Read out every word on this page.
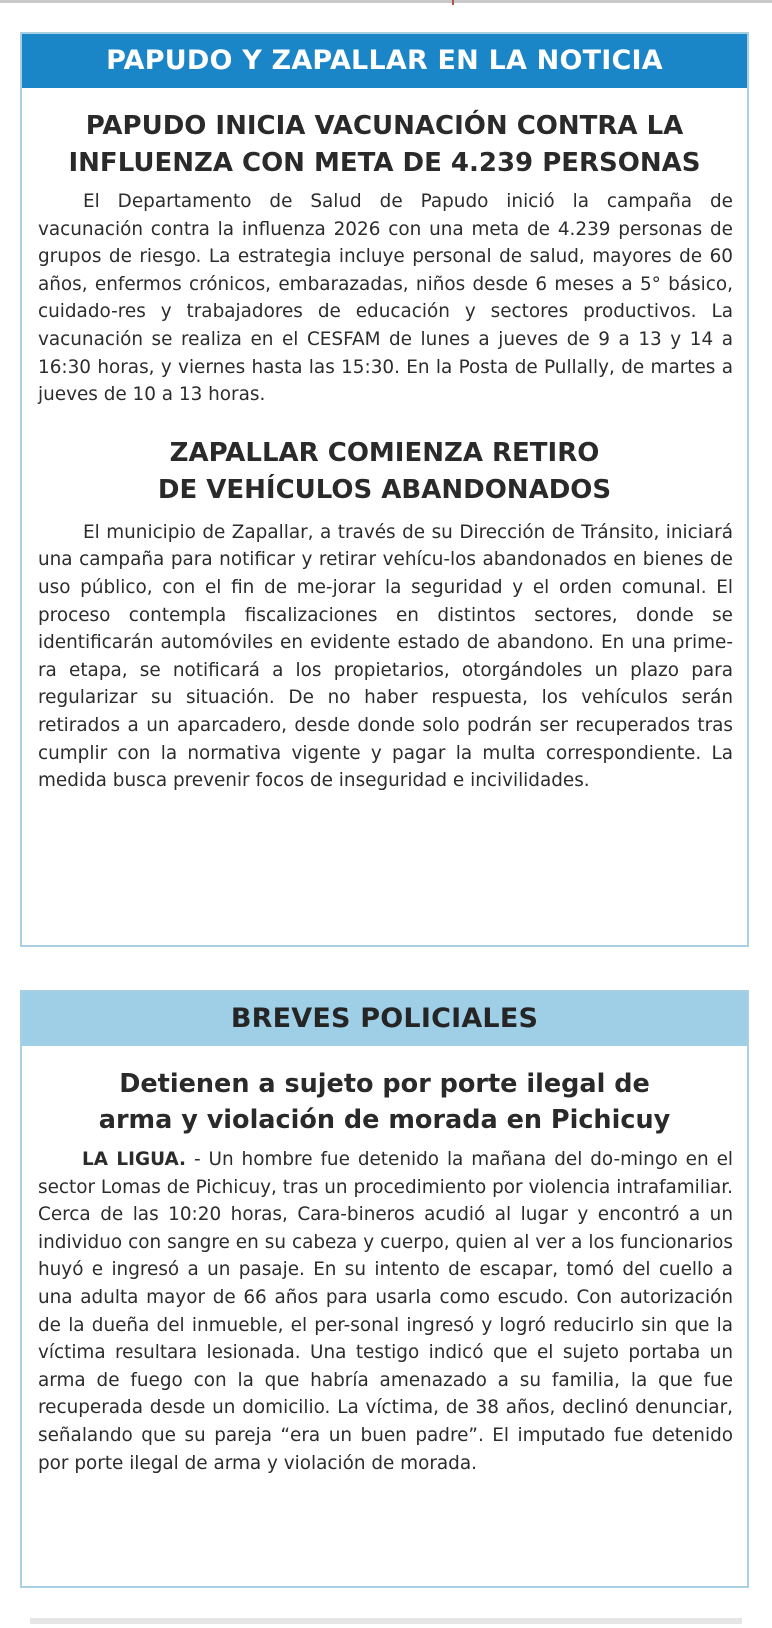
PAPUDO Y ZAPALLAR EN LA NOTICIA
PAPUDO INICIA VACUNACIÓN CONTRA LA
INFLUENZA CON META DE 4.239 PERSONAS

El Departamento de Salud de Papudo inició la campaña de vacunación contra la influenza 2026 con una meta de 4.239 personas de grupos de riesgo. La estrategia incluye personal de salud, mayores de 60 años, enfermos crónicos, embarazadas, niños desde 6 meses a 5° básico, cuidado-res y trabajadores de educación y sectores productivos. La vacunación se realiza en el CESFAM de lunes a jueves de 9 a 13 y 14 a 16:30 horas, y viernes hasta las 15:30. En la Posta de Pullally, de martes a jueves de 10 a 13 horas.

ZAPALLAR COMIENZA RETIRO
DE VEHÍCULOS ABANDONADOS

El municipio de Zapallar, a través de su Dirección de Tránsito, iniciará una campaña para notificar y retirar vehícu-los abandonados en bienes de uso público, con el fin de me-jorar la seguridad y el orden comunal. El proceso contempla fiscalizaciones en distintos sectores, donde se identificarán automóviles en evidente estado de abandono. En una prime-ra etapa, se notificará a los propietarios, otorgándoles un plazo para regularizar su situación. De no haber respuesta, los vehículos serán retirados a un aparcadero, desde donde solo podrán ser recuperados tras cumplir con la normativa vigente y pagar la multa correspondiente. La medida busca prevenir focos de inseguridad e incivilidades.

BREVES POLICIALES
Detienen a sujeto por porte ilegal de
arma y violación de morada en Pichicuy

LA LIGUA. - Un hombre fue detenido la mañana del do-mingo en el sector Lomas de Pichicuy, tras un procedimiento por violencia intrafamiliar. Cerca de las 10:20 horas, Cara-bineros acudió al lugar y encontró a un individuo con sangre en su cabeza y cuerpo, quien al ver a los funcionarios huyó e ingresó a un pasaje. En su intento de escapar, tomó del cuello a una adulta mayor de 66 años para usarla como escudo. Con autorización de la dueña del inmueble, el per-sonal ingresó y logró reducirlo sin que la víctima resultara lesionada. Una testigo indicó que el sujeto portaba un arma de fuego con la que habría amenazado a su familia, la que fue recuperada desde un domicilio. La víctima, de 38 años, declinó denunciar, señalando que su pareja “era un buen padre”. El imputado fue detenido por porte ilegal de arma y violación de morada.
